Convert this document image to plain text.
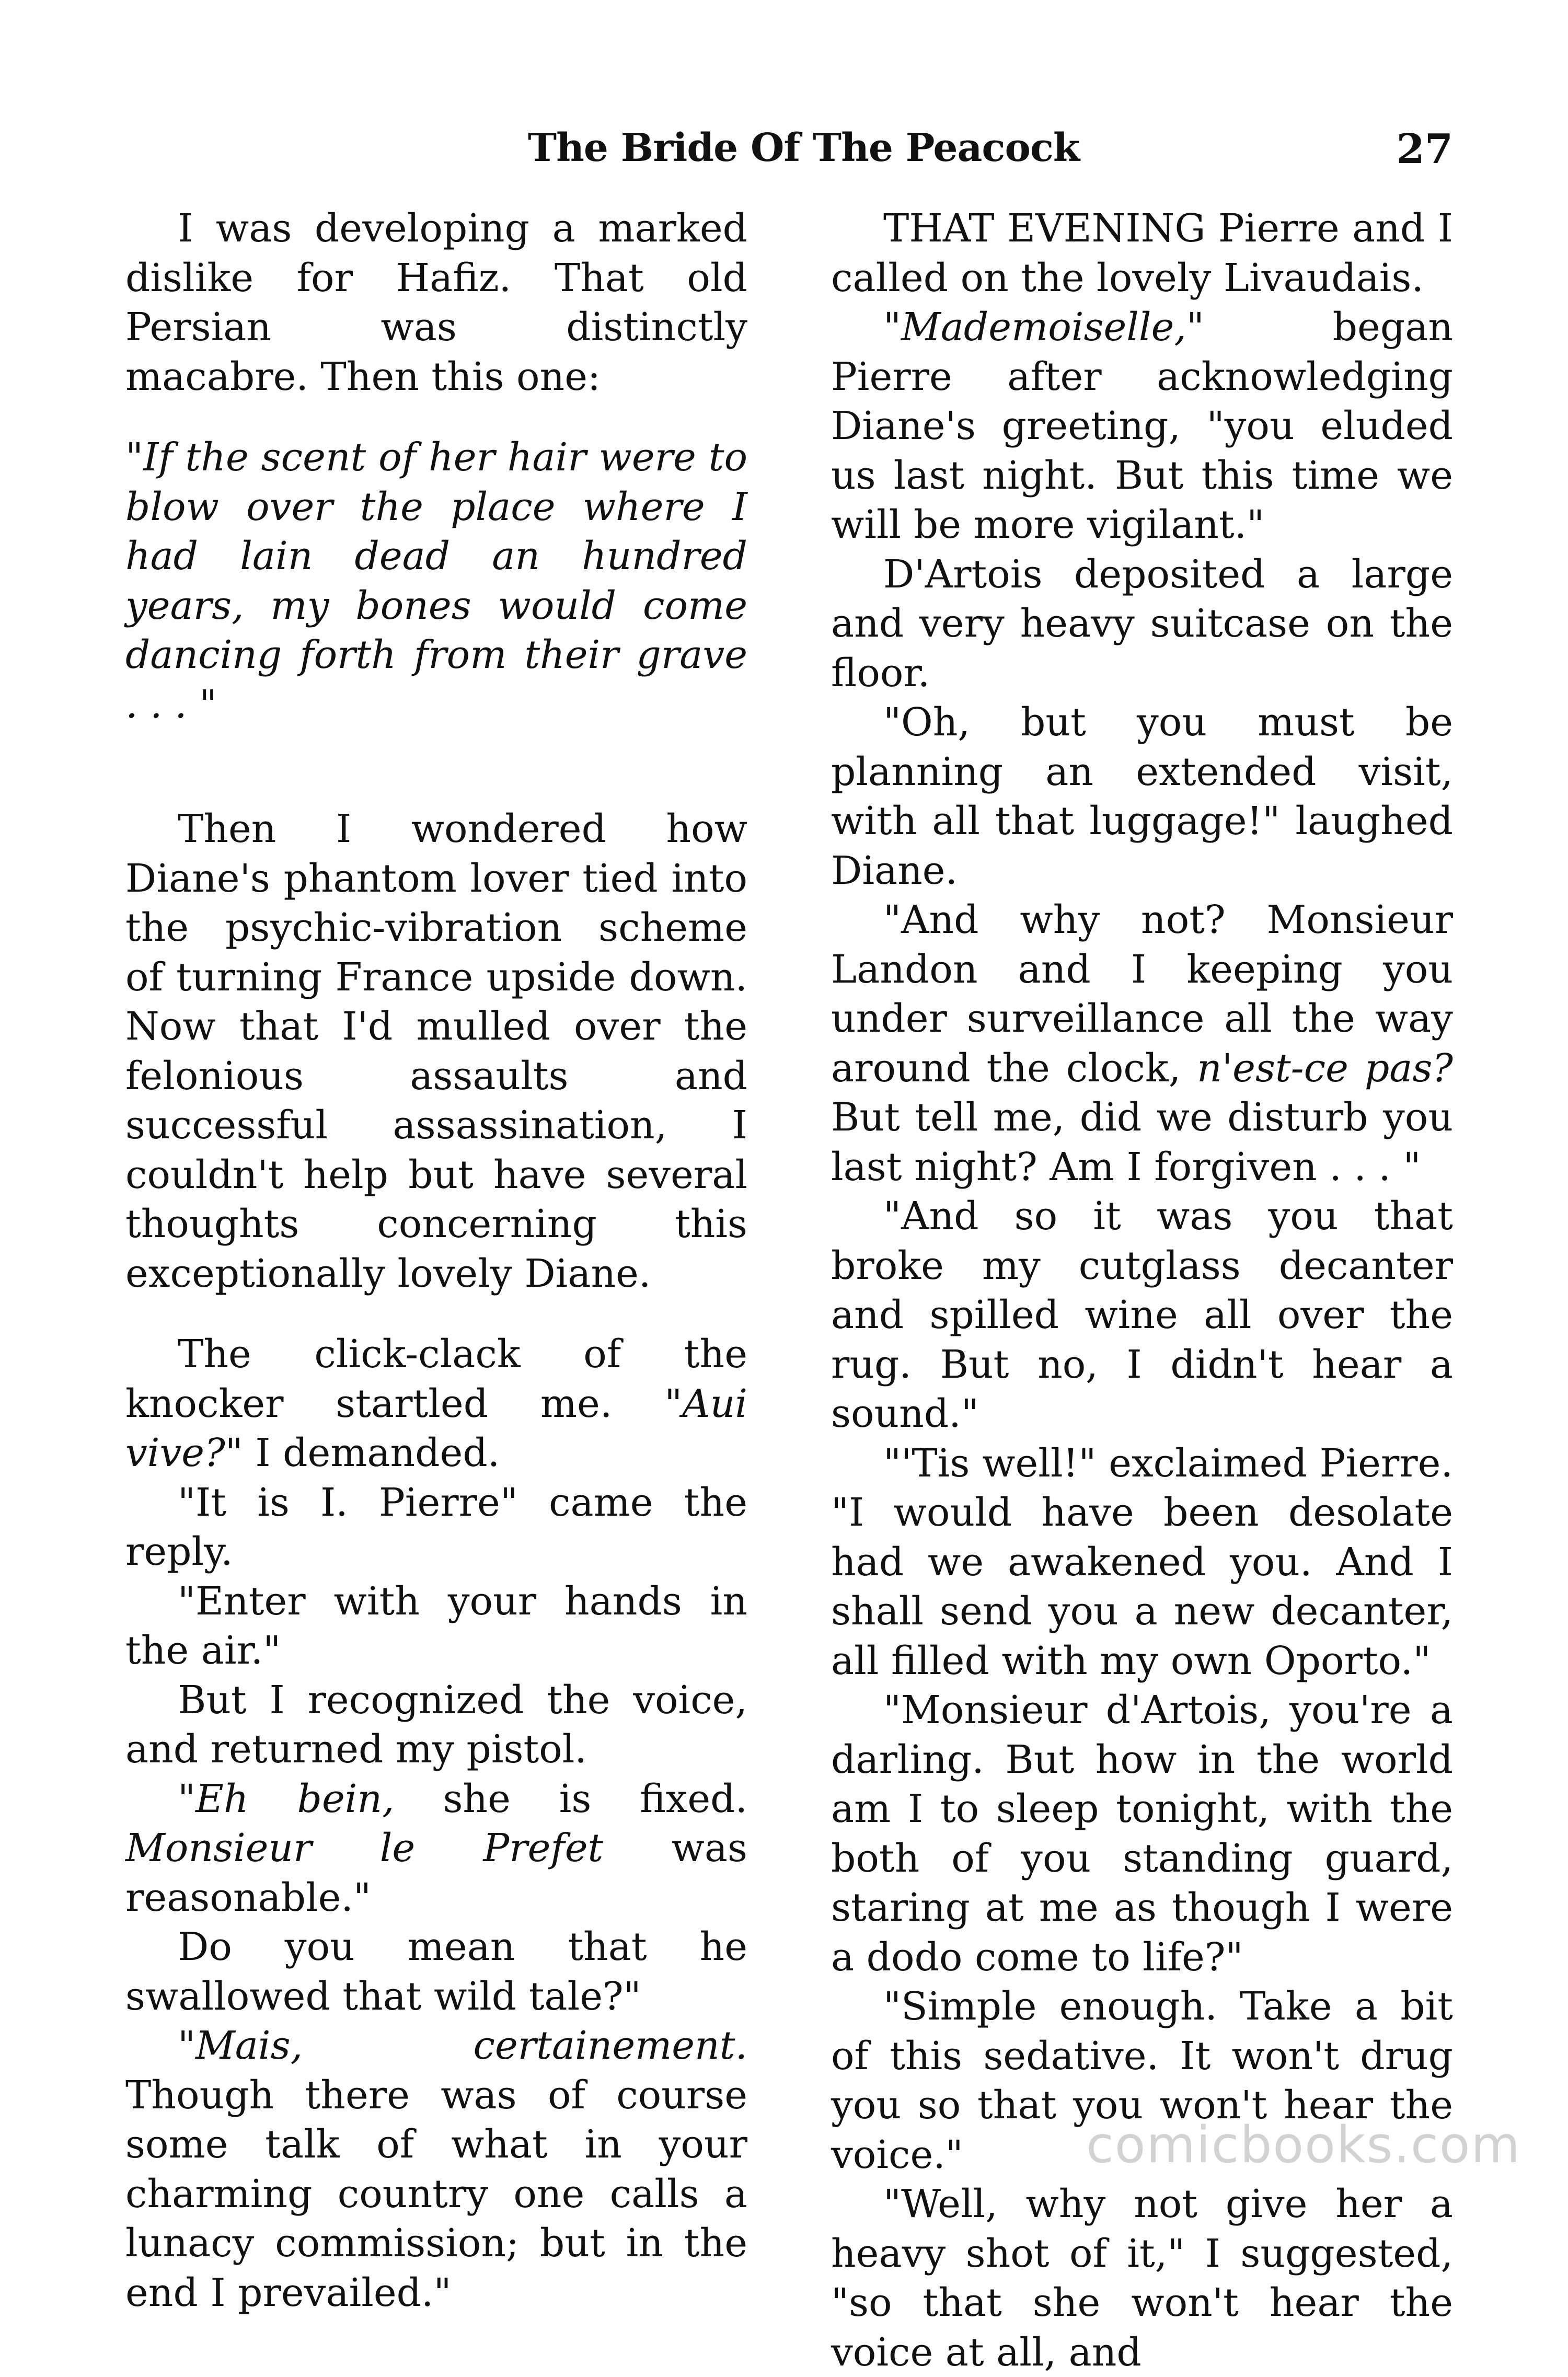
The Bride Of The Peacock	27

I was developing a marked dislike for Hafiz. That old Persian was distinctly macabre. Then this one:

"If the scent of her hair were to blow over the place where I had lain dead an hundred years, my bones would come dancing forth from their grave . . . "

Then I wondered how Diane's phantom lover tied into the psychic-vibration scheme of turning France upside down. Now that I'd mulled over the felonious assaults and successful assassination, I couldn't help but have several thoughts concerning this exceptionally lovely Diane.

The click-clack of the knocker startled me. "Aui vive?" I demanded.

"It is I. Pierre" came the reply.

"Enter with your hands in the air."

But I recognized the voice, and returned my pistol.

"Eh bein, she is fixed. Monsieur le Prefet was reasonable."

Do you mean that he swallowed that wild tale?"

"Mais, certainement. Though there was of course some talk of what in your charming country one calls a lunacy commission; but in the end I prevailed."

THAT EVENING Pierre and I called on the lovely Livaudais.

"Mademoiselle," began Pierre after acknowledging Diane's greeting, "you eluded us last night. But this time we will be more vigilant."

D'Artois deposited a large and very heavy suitcase on the floor.

"Oh, but you must be planning an extended visit, with all that luggage!" laughed Diane.

"And why not? Monsieur Landon and I keeping you under surveillance all the way around the clock, n'est-ce pas? But tell me, did we disturb you last night? Am I forgiven . . . "

"And so it was you that broke my cutglass decanter and spilled wine all over the rug. But no, I didn't hear a sound."

"'Tis well!" exclaimed Pierre. "I would have been desolate had we awakened you. And I shall send you a new decanter, all filled with my own Oporto."

"Monsieur d'Artois, you're a darling. But how in the world am I to sleep tonight, with the both of you standing guard, staring at me as though I were a dodo come to life?"

"Simple enough. Take a bit of this sedative. It won't drug you so that you won't hear the voice."

"Well, why not give her a heavy shot of it," I suggested, "so that she won't hear the voice at all, and

comicbooks.com
